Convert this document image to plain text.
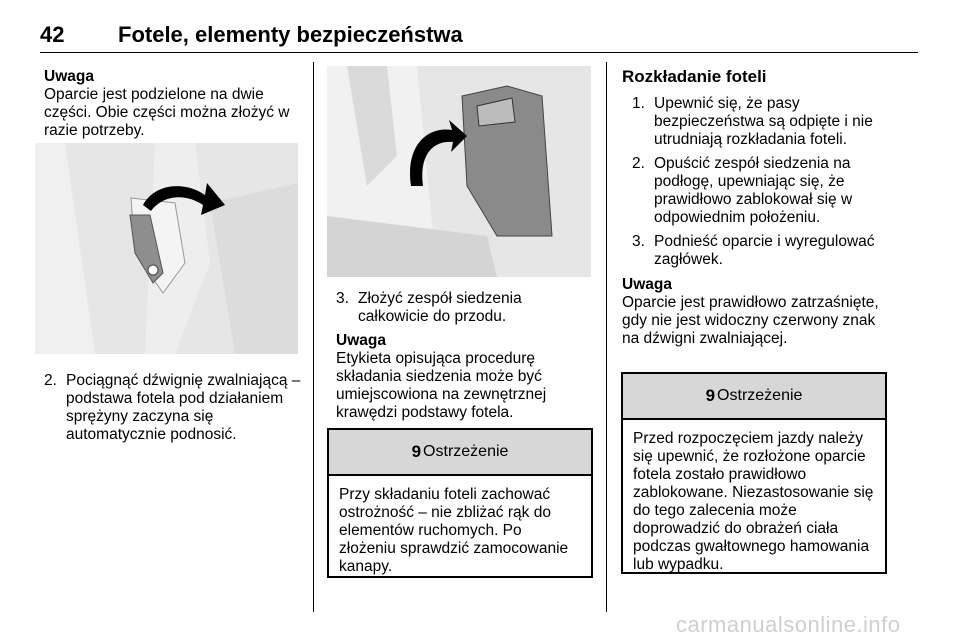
42 Fotele, elementy bezpieczeństwa
Uwaga
Oparcie jest podzielone na dwie części. Obie części można złożyć w razie potrzeby.
2. Pociągnąć dźwignię zwalniającą – podstawa fotela pod działaniem sprężyny zaczyna się automatycznie podnosić.
3. Złożyć zespół siedzenia całkowicie do przodu.
Uwaga
Etykieta opisująca procedurę składania siedzenia może być umiejscowiona na zewnętrznej krawędzi podstawy fotela.
9 Ostrzeżenie
Przy składaniu foteli zachować ostrożność – nie zbliżać rąk do elementów ruchomych. Po złożeniu sprawdzić zamocowanie kanapy.
Rozkładanie foteli
1. Upewnić się, że pasy bezpieczeństwa są odpięte i nie utrudniają rozkładania foteli.
2. Opuścić zespół siedzenia na podłogę, upewniając się, że prawidłowo zablokował się w odpowiednim położeniu.
3. Podnieść oparcie i wyregulować zagłówek.
Uwaga
Oparcie jest prawidłowo zatrzaśnięte, gdy nie jest widoczny czerwony znak na dźwigni zwalniającej.
9 Ostrzeżenie
Przed rozpoczęciem jazdy należy się upewnić, że rozłożone oparcie fotela zostało prawidłowo zablokowane. Niezastosowanie się do tego zalecenia może doprowadzić do obrażeń ciała podczas gwałtownego hamowania lub wypadku.
carmanualsonline.info
